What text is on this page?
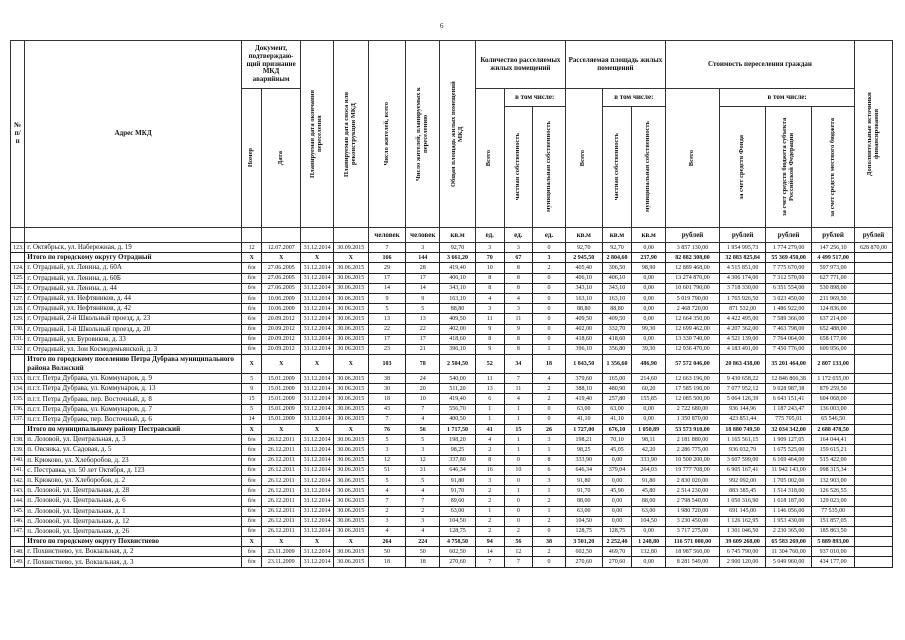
6
№ п/п	Адрес МКД	Документ, подтверждаю-щий признание МКД аварийным		Планируемая дата окончания переселения	Планируемая дата сноса или реконструкции МКД	Число жителей, всего	Число жителей, планируемых к переселению	Общая площадь жилых помещений МКД	Количество расселяемых жилых помещений			Расселяемая площадь жилых помещений			Стоимость переселения граждан				Дополнительные источники финансирования

		Номер	Дата						Всего	в том числе:		Всего	в том числе:		Всего	в том числе:			

										частная собственность	муниципальная собственность		частная собственность	муниципальная собственность		за счет средств Фонда	за счет средств бюджета субъекта Российской Федерации	за счет средств местного бюджета	

						человек	человек	кв.м	ед.	ед.	ед.	кв.м	кв.м	кв.м	рублей	рублей	рублей	рублей	рублей
123.	г. Октябрьск, ул. Набережная, д. 19	12	12.07.2007	31.12.2014	30.09.2015	7	3	92,70	3	3	0	92,70	92,70	0,00	3 857 130,00	1 954 995,73	1 774 279,00	147 256,10	628 870,00
	Итого по городскому округу Отрадный	X	X	X	X	166	144	3 661,20	70	67	3	2 945,50	2 804,60	237,90	82 882 308,00	32 883 825,84	55 369 450,00	4 499 517,00	
124.	г. Отрадный, ул. Ленина, д. 60А	б/н	27.06.2005	31.12.2014	30.06.2015	29	28	419,40	10	8	2	405,40	306,50	98,90	12 889 468,00	4 515 851,00	7 775 670,00	597 973,00	
125.	г. Отрадный, ул. Ленина, д. 60Б	б/н	27.06.2005	31.12.2014	30.06.2015	17	17	406,10	8	8	0	406,10	406,10	0,00	13 274 870,00	4 306 174,00	7 312 570,00	627 771,00	
126.	г. Отрадный, ул. Ленина, д. 44	б/н	27.06.2005	31.12.2014	30.06.2015	14	14	343,10	8	8	0	343,10	343,10	0,00	10 601 790,00	3 718 330,00	6 351 554,00	530 898,00	
127.	г. Отрадный, ул. Нефтяников, д. 44	б/н	10.06.2009	31.12.2014	30.06.2015	9	9	163,10	4	4	0	163,10	163,10	0,00	5 019 790,00	1 765 926,50	3 023 450,00	211 969,50	
128.	г. Отрадный, ул. Нефтяников, д. 42	б/н	10.06.2009	31.12.2014	30.06.2015	5	5	88,80	3	3	0	88,80	88,80	0,00	2 468 720,00	871 532,00	1 486 922,00	124 836,00	
129.	г. Отрадный, 2-й Школьный проезд, д. 23	б/н	20.09.2012	31.12.2014	30.06.2015	13	13	409,50	11	11	0	409,50	409,50	0,00	12 664 350,00	4 422 495,00	7 589 366,00	637 214,00	
130.	г. Отрадный, 1-й Школьный проезд, д. 20	б/н	20.09.2012	31.12.2014	30.06.2015	22	22	402,00	9	9	0	402,00	332,70	99,30	12 699 462,00	4 207 362,00	7 463 798,00	652 488,00	
131.	г. Отрадный, ул. Буровиков, д. 33	б/н	20.09.2012	31.12.2014	30.06.2015	17	17	418,60	8	8	0	418,60	418,60	0,00	13 330 740,00	4 521 139,00	7 764 064,00	658 177,00	
132.	г. Отрадный, ул. Зои Космодемьянской, д. 3	б/н	20.09.2012	31.12.2014	30.06.2015	23	21	396,10	9	8	1	396,10	356,80	39,30	12 936 470,00	4 183 491,00	7 450 776,00	600 956,00	
	Итого по городскому поселению Петра Дубрава муниципального района Волжский	X	X	X	X	103	78	2 504,50	52	34	18	1 843,50	1 356,60	486,90	57 572 046,00	20 863 438,00	35 201 464,00	2 807 133,00	
133.	п.г.т. Петра Дубрава, ул. Коммунаров, д. 9	5	15.01.2009	31.12.2014	30.06.2015	38	24	540,00	11	7	4	379,60	165,00	214,60	12 663 196,00	9 430 658,22	12 846 866,38	1 172 655,00	
134.	п.г.т. Петра Дубрава, ул. Коммунаров, д. 13	9	15.01.2009	31.12.2014	30.06.2015	30	20	511,20	13	11	2	388,10	480,90	60,20	17 585 190,00	7 077 952,12	9 028 987,38	879 259,50	
135.	п.г.т. Петра Дубрава, пер. Восточный, д. 8	15	15.01.2009	31.12.2014	30.06.2015	18	10	419,40	6	4	2	419,40	257,80	155,85	12 085 500,00	5 064 126,39	6 643 151,41	604 068,00	
136.	п.г.т. Петра Дубрава, ул. Коммунаров, д. 7	5	15.01.2009	31.12.2014	30.06.2015	43	7	556,70	1	1	0	63,00	63,00	0,00	2 722 680,00	936 144,96	1 187 243,47	136 003,00	
137.	п.г.т. Петра Дубрава, пер. Восточный, д. 6	14	15.01.2009	31.12.2014	30.06.2015	7	4	400,50	1	1	0	41,10	41,10	0,00	1 350 870,00	423 851,44	775 705,01	65 546,50	
	Итого по муниципальному району Пестравский	X	X	X	X	76	56	1 717,50	41	15	26	1 727,00	676,10	1 050,89	53 573 910,00	18 880 749,50	32 034 342,00	2 688 478,50	
138.	п. Лозовой, ул. Центральная, д. 3	б/н	26.12.2011	31.12.2014	30.06.2015	5	5	198,20	4	1	3	198,21	70,10	98,11	2 181 880,00	1 165 561,15	1 909 127,05	164 044,41	
139.	п. Овсянка, ул. Садовая, д. 5	б/н	26.12.2011	31.12.2014	30.06.2015	3	3	98,25	2	1	1	98,25	45,05	42,20	2 286 775,00	936 032,79	1 675 525,00	159 615,21	
140.	п. Крюково, ул. Хлеборобов, д. 23	б/н	26.12.2011	31.12.2014	30.06.2015	12	12	337,80	8	0	8	333,90	0,00	333,90	10 500 200,00	3 607 599,00	6 169 464,00	515 422,00	
141.	с. Пестравка, ул. 50 лет Октября, д. 123	б/н	26.12.2011	31.12.2014	30.06.2015	51	31	646,34	16	10	6	646,34	379,04	264,03	19 777 708,00	6 905 167,41	11 942 143,00	998 315,34	
142.	п. Крюково, ул. Хлеборобов, д. 2	б/н	26.12.2011	31.12.2014	30.06.2015	5	5	91,80	3	0	3	91,80	0,00	91,80	2 830 020,00	992 092,00	1 705 002,00	132 903,00	
143.	п. Лозовой, ул. Центральная, д. 28	б/н	26.12.2011	31.12.2014	30.06.2015	4	4	91,70	2	1	1	91,70	45,90	45,80	2 514 230,00	883 385,45	1 514 318,00	126 526,55	
144.	п. Лозовой, ул. Центральная, д. 6	б/н	26.12.2011	31.12.2014	30.06.2015	7	7	89,60	2	0	2	88,00	0,00	88,00	2 798 540,00	1 050 316,90	1 618 187,00	129 023,00	
145.	п. Лозовой, ул. Центральная, д. 1	б/н	26.12.2011	31.12.2014	30.06.2015	2	2	63,00	1	0	1	63,00	0,00	63,00	1 980 720,00	691 145,00	1 146 056,00	77 535,00	
146.	п. Лозовой, ул. Центральная, д. 12	б/н	26.12.2011	31.12.2014	30.06.2015	3	3	104,50	2	0	2	104,50	0,00	104,50	3 230 450,00	1 126 162,95	1 953 430,00	151 857,05	
147.	п. Лозовой, ул. Центральная, д. 26	б/н	26.12.2011	31.12.2014	30.06.2015	4	4	128,75	2	2	0	128,75	128,75	0,00	3 717 275,00	1 301 046,50	2 230 365,00	185 863,50	
	Итого по городскому округу Похвистнево	X	X	X	X	264	224	4 758,50	94	56	38	3 501,20	2 252,40	1 248,80	116 571 080,00	39 609 268,00	65 583 269,00	5 889 893,00	
148.	г. Похвистнево, ул. Вокзальная, д. 2	б/н	23.11.2009	31.12.2014	30.06.2015	50	50	602,50	14	12	2	602,50	469,70	132,80	18 987 560,00	6 745 790,00	11 304 760,00	937 010,00	
149.	г. Похвистнево, ул. Вокзальная, д. 3	б/н	23.11.2009	31.12.2014	30.06.2015	18	18	270,60	7	7	0	270,60	270,60	0,00	8 281 549,00	2 900 120,00	5 049 960,00	434 177,00	
